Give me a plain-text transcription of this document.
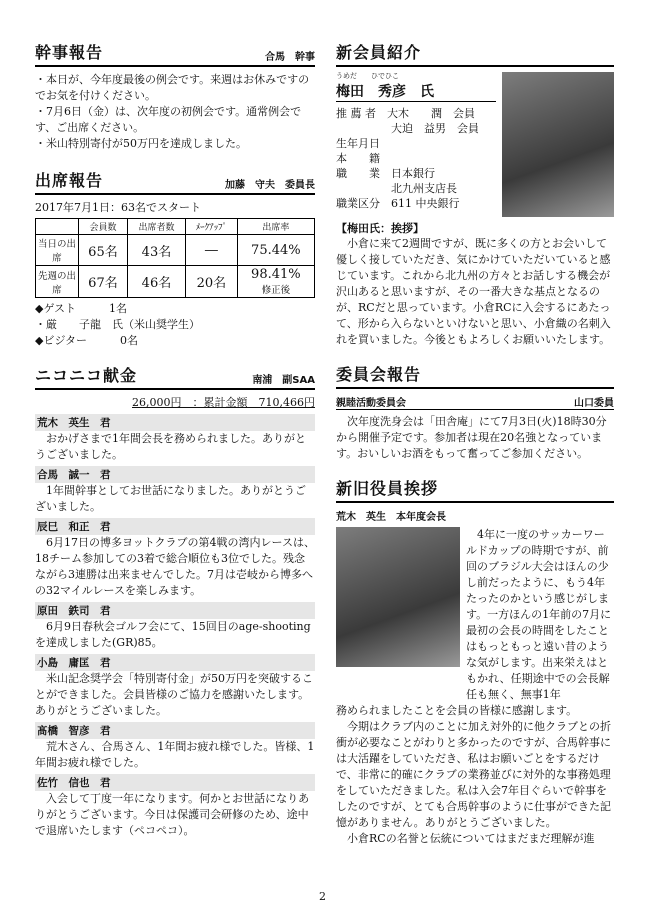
幹事報告	合馬　幹事

・本日が、今年度最後の例会です。来週はお休みですのでお気を付けください。

・7月6日（金）は、次年度の初例会です。通常例会です、ご出席ください。

・米山特別寄付が50万円を達成しました。

出席報告	加藤　守夫　委員長

2017年7月1日：63名でスタート

	会員数	出席者数	ﾒｰｸｱｯﾌﾟ	出席率
当日の出席	65名	43名	―	75.44%
先週の出席	67名	46名	20名	98.41%
修正後

◆ゲスト　　　1名

・厳　　子龍　氏（米山奨学生）

◆ビジター　　　0名

ニコニコ献金	南浦　副SAA

26,000円　：累計金額　710,466円

荒木　英生　君

おかげさまで1年間会長を務められました。ありがとうございました。

合馬　誠一　君

1年間幹事としてお世話になりました。ありがとうございました。

辰巳　和正　君

6月17日の博多ヨットクラブの第4戦の湾内レースは、18チーム参加しての3着で総合順位も3位でした。残念ながら3連勝は出来ませんでした。7月は壱岐から博多への32マイルレースを楽しみます。

原田　鉄司　君

6月9日春秋会ゴルフ会にて、15回目のage-shootingを達成しました(GR)85。

小島　庸匡　君

米山記念奨学会「特別寄付金」が50万円を突破することができました。会員皆様のご協力を感謝いたします。ありがとうございました。

髙橋　智彦　君

荒木さん、合馬さん、1年間お疲れ様でした。皆様、1年間お疲れ様でした。

佐竹　信也　君

入会して丁度一年になります。何かとお世話になりありがとうございます。今日は保護司会研修のため、途中で退席いたします（ペコペコ）。

新会員紹介
うめだ　　ひでひこ
梅田　秀彦　氏
推 薦 者　大木　　潤　会員
　　　　　大迫　益男　会員
生年月日
本　　籍
職　　業　日本銀行
　　　　　北九州支店長
職業区分　611 中央銀行
【梅田氏：挨拶】

小倉に来て2週間ですが、既に多くの方とお会いして優しく接していただき、気にかけていただいていると感じています。これから北九州の方々とお話しする機会が沢山あると思いますが、その一番大きな基点となるのが、RCだと思っています。小倉RCに入会するにあたって、形から入らないといけないと思い、小倉織の名刺入れを買いました。今後ともよろしくお願いいたします。

委員会報告
親睦活動委員会	山口委員

次年度洗身会は「田舎庵」にて7月3日(火)18時30分から開催予定です。参加者は現在20名強となっています。おいしいお酒をもって奮ってご参加ください。

新旧役員挨拶
荒木　英生　本年度会長

4年に一度のサッカーワールドカップの時期ですが、前回のブラジル大会はほんの少し前だったように、もう4年たったのかという感じがします。一方ほんの1年前の7月に最初の会長の時間をしたことはもっともっと遠い昔のような気がします。出来栄えはともかれ、任期途中での会長解任も無く、無事1年

務められましたことを会員の皆様に感謝します。

今期はクラブ内のことに加え対外的に他クラブとの折衝が必要なことがわりと多かったのですが、合馬幹事には大活躍をしていただき、私はお願いごとをするだけで、非常に的確にクラブの業務並びに対外的な事務処理をしていただきました。私は入会7年目ぐらいで幹事をしたのですが、とても合馬幹事のように仕事ができた記憶がありません。ありがとうございました。

小倉RCの名誉と伝統についてはまだまだ理解が進

2
